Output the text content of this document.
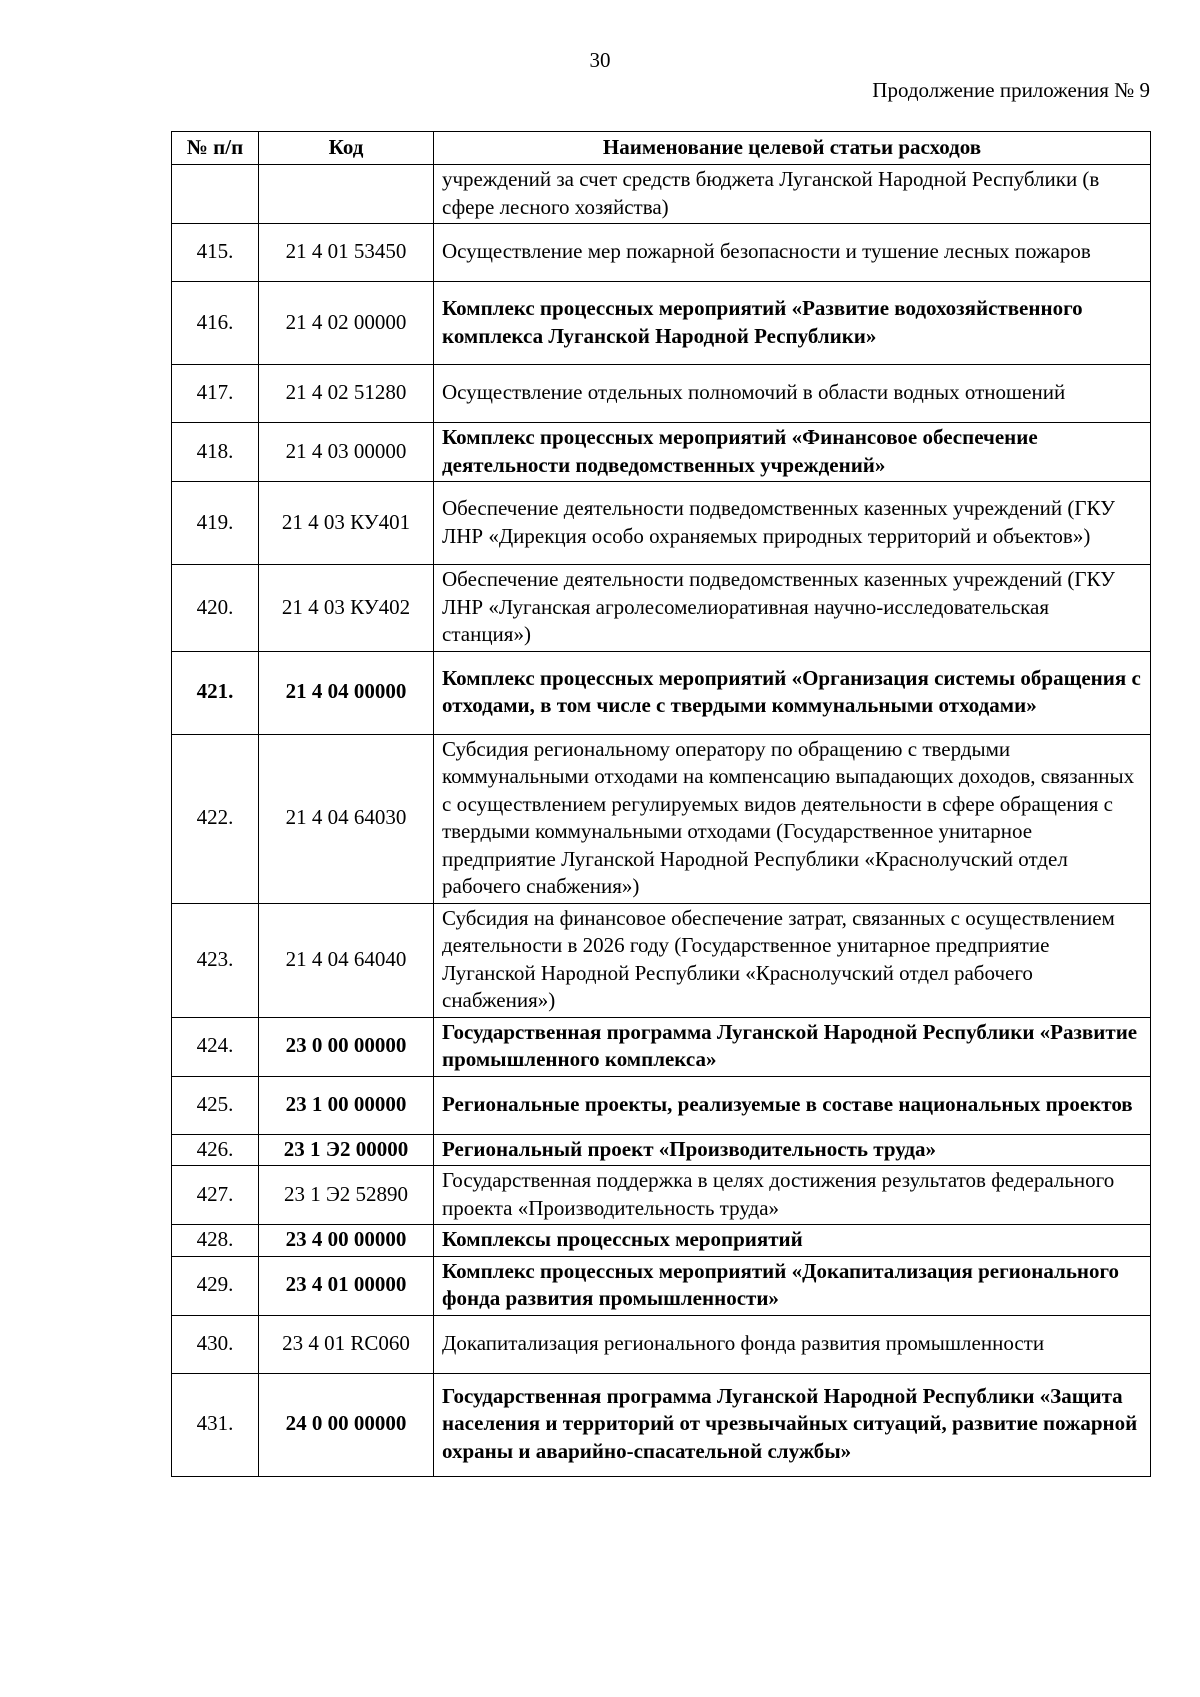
30
Продолжение приложения № 9
№ п/п	Код	Наименование целевой статьи расходов
		учреждений за счет средств бюджета Луганской Народной Республики (в сфере лесного хозяйства)
415.	21 4 01 53450	Осуществление мер пожарной безопасности и тушение лесных пожаров
416.	21 4 02 00000	Комплекс процессных мероприятий «Развитие водохозяйственного комплекса Луганской Народной Республики»
417.	21 4 02 51280	Осуществление отдельных полномочий в области водных отношений
418.	21 4 03 00000	Комплекс процессных мероприятий «Финансовое обеспечение деятельности подведомственных учреждений»
419.	21 4 03 КУ401	Обеспечение деятельности подведомственных казенных учреждений (ГКУ ЛНР «Дирекция особо охраняемых природных территорий и объектов»)
420.	21 4 03 КУ402	Обеспечение деятельности подведомственных казенных учреждений (ГКУ ЛНР «Луганская агролесомелиоративная научно-исследовательская станция»)
421.	21 4 04 00000	Комплекс процессных мероприятий «Организация системы обращения с отходами, в том числе с твердыми коммунальными отходами»
422.	21 4 04 64030	Субсидия региональному оператору по обращению с твердыми коммунальными отходами на компенсацию выпадающих доходов, связанных с осуществлением регулируемых видов деятельности в сфере обращения с твердыми коммунальными отходами (Государственное унитарное предприятие Луганской Народной Республики «Краснолучский отдел рабочего снабжения»)
423.	21 4 04 64040	Субсидия на финансовое обеспечение затрат, связанных с осуществлением деятельности в 2026 году (Государственное унитарное предприятие Луганской Народной Республики «Краснолучский отдел рабочего снабжения»)
424.	23 0 00 00000	Государственная программа Луганской Народной Республики «Развитие промышленного комплекса»
425.	23 1 00 00000	Региональные проекты, реализуемые в составе национальных проектов
426.	23 1 Э2 00000	Региональный проект «Производительность труда»
427.	23 1 Э2 52890	Государственная поддержка в целях достижения результатов федерального проекта «Производительность труда»
428.	23 4 00 00000	Комплексы процессных мероприятий
429.	23 4 01 00000	Комплекс процессных мероприятий «Докапитализация регионального фонда развития промышленности»
430.	23 4 01 RC060	Докапитализация регионального фонда развития промышленности
431.	24 0 00 00000	Государственная программа Луганской Народной Республики «Защита населения и территорий от чрезвычайных ситуаций, развитие пожарной охраны и аварийно-спасательной службы»
